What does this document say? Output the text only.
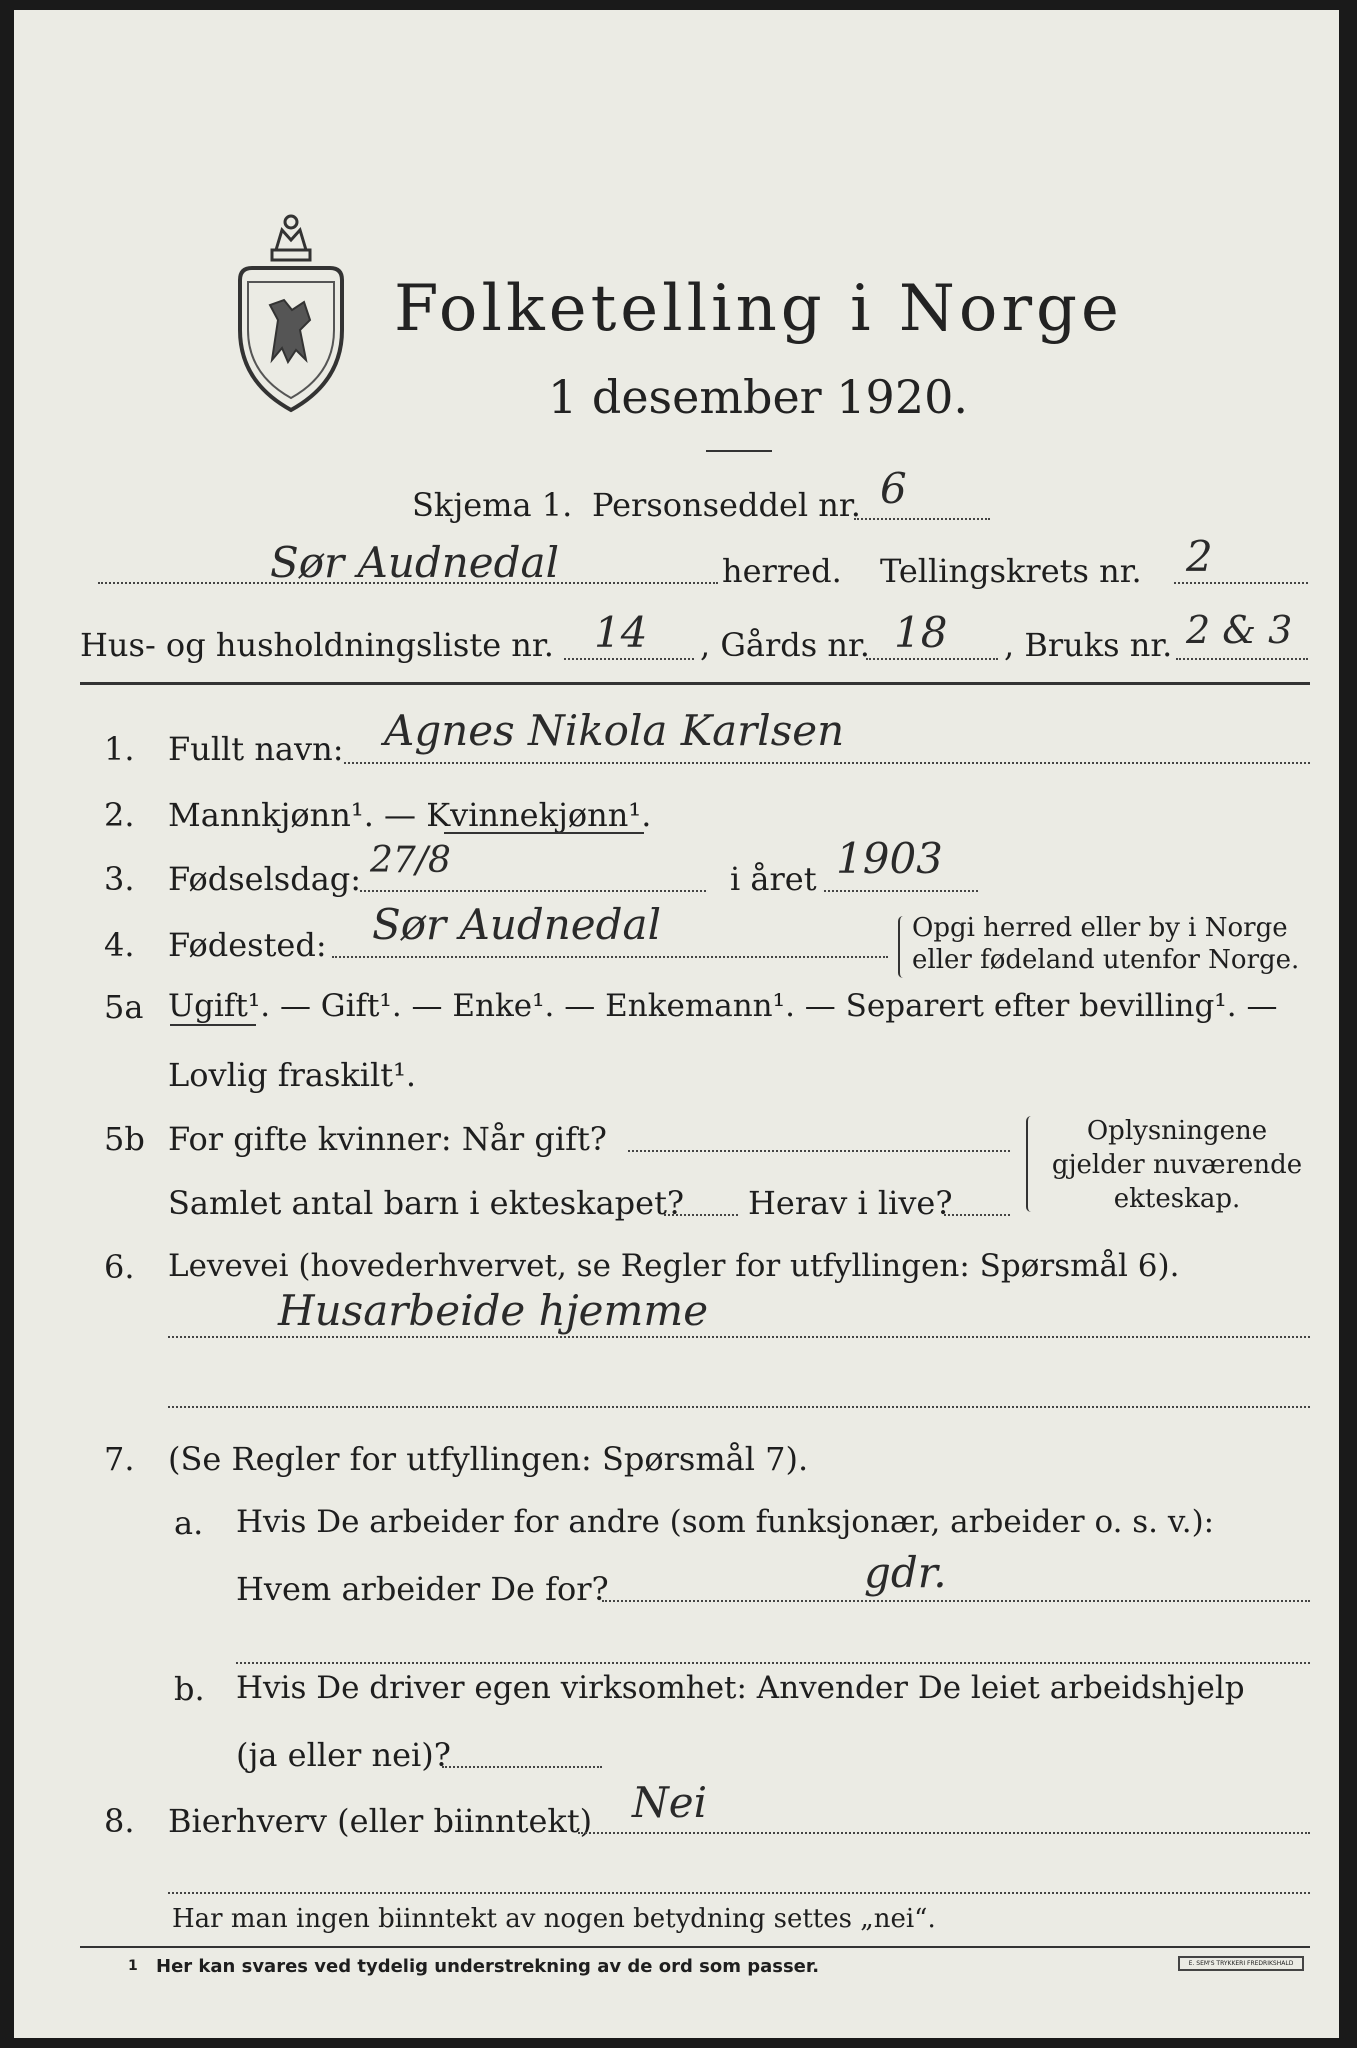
Folketelling i Norge
1 desember 1920.
Skjema 1. Personseddel nr. 6
Sør Audnedal	herred. Tellingskrets nr. 2
Hus- og husholdningsliste nr. 14 , Gårds nr. 18 , Bruks nr. 2 & 3
1. Fullt navn: Agnes Nikola Karlsen
2. Mannkjønn¹. — Kvinnekjønn¹.
3. Fødselsdag: 27/8	i året 1903
4. Fødested: Sør Audnedal	Opgi herred eller by i Norge eller fødeland utenfor Norge.
5a Ugift¹. — Gift¹. — Enke¹. — Enkemann¹. — Separert efter bevilling¹. —
Lovlig fraskilt¹.
5b For gifte kvinner: Når gift?
Samlet antal barn i ekteskapet? Herav i live?
Oplysningene gjelder nuværende ekteskap.
6. Levevei (hovederhvervet, se Regler for utfyllingen: Spørsmål 6).
Husarbeide hjemme
7. (Se Regler for utfyllingen: Spørsmål 7).
a. Hvis De arbeider for andre (som funksjonær, arbeider o. s. v.):
Hvem arbeider De for?	gdr.
b. Hvis De driver egen virksomhet: Anvender De leiet arbeidshjelp
(ja eller nei)?
8. Bierhverv (eller biinntekt) Nei
Har man ingen biinntekt av nogen betydning settes „nei“.
1 Her kan svares ved tydelig understrekning av de ord som passer.	E. SEM'S TRYKKERI FREDRIKSHALD
